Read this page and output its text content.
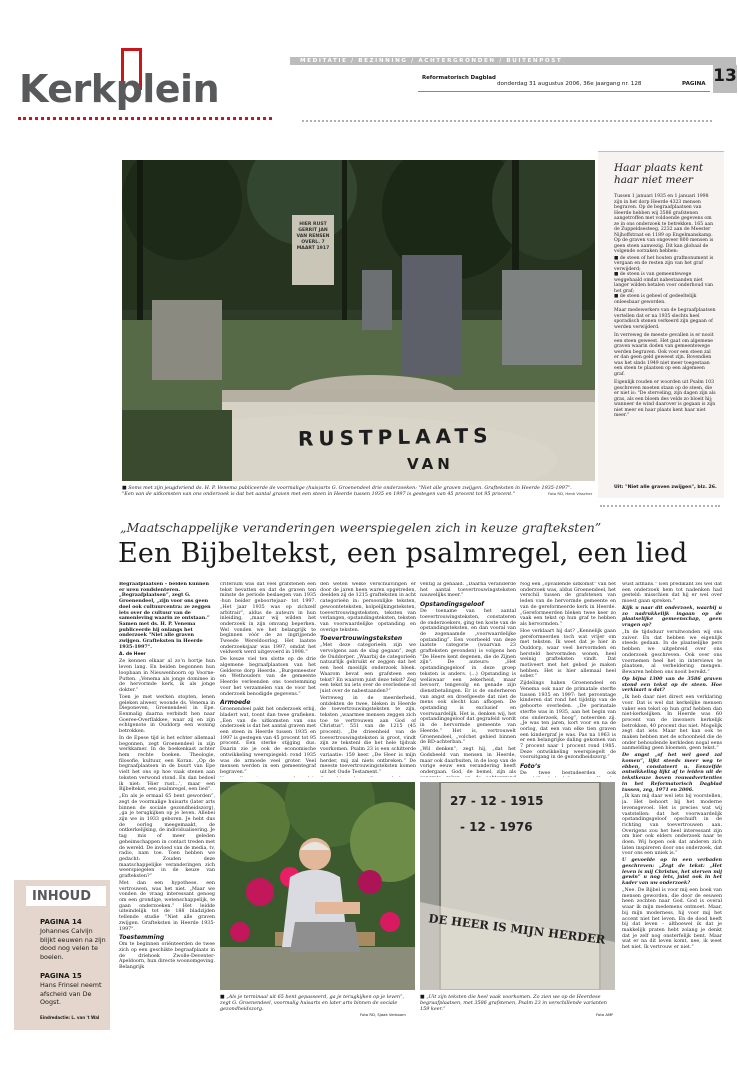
MEDITATIE / BEZINNING / ACHTERGRONDEN / BUITENPOST
Kerkplein	Reformatorisch Dagblad
donderdag 31 augustus 2006, 36e jaargang nr. 128	PAGINA 13
RUSTPLAATS
VAN
HIER RUST GERRIT JAN VAN RENSEN OVERL. 7 MAART 1917
■ Soms met zijn jeugdvriend ds. H. P. Venema publiceerde de voormalige (huis)arts G. Groenendeel drie onderzoeken: "Niet alle graven zwijgen. Grafteksten in Heerde 1935-1997". "Een van de uitkomsten van ons onderzoek is dat het aantal graven met een steen in Heerde tussen 1935 en 1997 is gestegen van 45 procent tot 95 procent."	Foto RD, Henk Visscher
Haar plaats kent haar niet meer
Tussen 1 januari 1935 en 1 januari 1998 zijn in het dorp Heerde 4323 mensen begraven. Op de begraafplaatsen van Heerde hebben wij 3586 grafstenen aangetroffen met voldoende gegevens om ze in ons onderzoek te betrekken. 165 aan de Zuppeldsesteeg, 2232 aan de Meester Nijhoffstraat en 1189 op Engelmanskamp. Op de graven van ongeveer 800 mensen is geen steen aanwezig. Dit kan globaal de volgende oorzaken hebben:
■ de steen of het houten grafmonument is vergaan en de resten zijn van het graf verwijderd;
■ de steen is van gemeentewege weggehaald omdat nabestaanden niet langer wilden betalen voor onderhoud van het graf;
■ de steen is geheel of gedeeltelijk onleesbaar geworden.
Maar medewerkers van de begraafplaatsen vertellen dat er na 1935 slechts heel sporadisch stenen verkeerd zijn gegaan of werden verwijderd.
In verreweg de meeste gevallen is er nooit een steen geweest. Het gaat om algemene graven waarin doden van gemeentewege werden begraven. Ook voor een steen zal er dan geen geld geweest zijn. Bovendien was het sinds 1949 niet meer toegestaan een steen te plaatsen op een algemeen graf.
Eigenlijk rouden er woorden uit Psalm 103 geschreven moeten staan op de steen, die er niet is: "De sterveling, zijn dagen zijn als gras, als een bloem des velds zo bloeit hij; wanneer de wind daarover is gegaan is zijn niet meer en haar plaats kent haar niet meer."
Uit: "Niet alle graven zwijgen", blz. 26.
„Maatschappelijke veranderingen weerspiegelen zich in keuze grafteksten”
Een Bijbeltekst, een psalmregel, een lied
Begraafplaatsen – beiden kunnen er uren rondslenteren. „Begraafplaatsen”, zegt G. Groenendeel, „zijn voor ons geen doel ook cultuurcentra: ze zeggen iets over de cultuur van de samenleving waarin ze ontstaan.” Samen met ds. H. P. Venema publiceerde hij onlangs het onderzoek "Niet alle graven zwijgen. Grafteksten in Heerde 1935-1997".
A. de Heer
Ze kennen elkaar al zo’n bortje hun leven lang. En beiden begonnen hun loopbaan in Nieuwenhoorn op Voorne-Putten. „Venema als jonge dominee in de hervormde kerk, ik als jonge dokter.”
Toen je met werken stopten, lenen geleken alweer, woonde ds. Venema in Dieponeven, Groenendeel in Epe. Eenmalig daarna verbindt hen naar Goeree-Overflakkee, waar zij en zijn echtgenote in Ouddorp een woning betrokken.
In de Epese tijd is het echter allemaal begonnen, zegt Groenendeel in zijn werkkamer. In de boekenkast achter hem rechte boeken. Theologie, filosofie, kultuur, een Koran. „Op de begraafplaatsen in de buurt van Epe vielt het ons op hoe vaak stenen aan teksten verwond stond. En dan bedoel ik niet: ‘Hier rust...’, maar een Bijbeltekst, een psalmregel, een lied”.
„En als je ermaal 65 bent geworden”, zegt de voormalige huisarts (later arts binnen de sociale gezondheidszorg), „ga je terugkijken op je leven. Allebei zijn we in 1933 geboren. Je hebt dus de oorlog meegemaakt, de ontkerkelijking, de individualisering. Je tag mis of meer geleden geheimschappen in contact treden met de wereld. De invloed van de media, tv, radio, nam toe. Toen hebben we gedacht: Zouden deze maatschappelijke veranderingen zich weerspiegelen in de keuze van grafteksten?”
Met dan een hypothese, een vertrouwen, was het niet. „Maar we vonden de vraag interessant genoeg om een grondige, wetenschappelijk, te gaan onderzoeken.” Het leidde uiteindelijk tot de 188 bladzijden tellende studie "Niet alle graven zwijgen. Grafteksten in Heerde 1935-1997".
Toestemming
Om te beginnen oriënteerden de twee zich op een geschikte begraafplaats in de driehoek Zwolle-Deventer-Apeldoorn, hun directe woonomgeving. Belangrijk
criterium was dat veel grafstenen een tekst bevatten en dat de graven ten minste de periode beslaegen van 1935 -hun beider geboortejaar- tot 1997. „Het jaar 1935 was op zichzelf arbitrair”, aldus de auteurs in hun inleiding, „maar wij wilden het onderzoek in zijn omvang beperken. Wel vonden we het belangrijk te beginnen vóór de zo ingrijpende Tweede Wereldoorlog. Het laatste onderzoeksjaar was 1997, omdat het veldwerk werd uitgevoerd in 1998.”
De keuze viel ten slotte op de drie algemene begraafplaatsen van het Gelderse dorp Heerde. „Burgemeester en Wethouders van de gemeente Heerde verleenden ons toestemming voor het verzamelen van de voor het onderzoek benodigde gegevens.”
Armoede
Groenendeel pakt het onderzoek erbij, bladert wat, toont dan twee grafieken. „Een van de uitkomsten van ons onderzoek is dat het aantal graven met een steen in Heerde tussen 1935 en 1997 is gestegen van 45 procent tot 95 procent. Een sterke stijging dus. Daarin zie je ook de economische ontwikkeling weerspiegeld: rond 1935 was de armoede veel groter. Veel mensen werden in een gemeentegraf begraven.”
den weten welke verschuivingen er door de jaren heen waren opgetreden, deelden zij de 1215 grafteksten in acht categorieën in: persoonlijke teksten, gewoonteteksten, kolpelijkingsteksten, toevertrouwingsteksten, teksten van verlangen, opstandingsteksten, teksten van voorwaardelijke opstanding en overige teksten.
Toevertrouwingsteksten
„Met deze categorieën zijn we vervolgens aan de slag gegaan”, zegt de Ouddorper. „Waarbij de categorieën natuurlijk gebruikt er zeggen dat het een heel moeilijk onderzoek bleek. Waarom bevat een grafsteen een tekst? En waarom juist deze tekst? Zeg een tekst nu iets over de overledene of juist over de nabestaanden?”
Verreweg in de meerderheid, ontdekten de twee, bleken in Heerde de toevertrouwingsteksten te zijn, teksten „waarmee mensen zeggen zich toe te vertrouwen aan God of Christus”. 551 van de 1215 (45 procent). „De drieenheid van de toevertrouwingsteksten is groot, vindt zijn ze tekstenl die het hele tijdvak voorkomen. Psalm 23 is een schitterde variaatie: 159 keer. „De Heer is mijn herder, mij zal niets ontbreken.” De meeste toevertrouwingsteksten komen uit het Oude Testament.”
ventig al gehaald. „Daarna veranderde het aantal toevertrouwingsteksten nauwelijks meer.”
Opstandingsgeloof
De toename van het aantal toevertrouwingsteksten, constateren de onderzoekers, ging ten koste van de opstandingsteksten, en dan vooral van de zogenaamde „voorwaardelijke opstanding”. Een voorbeeld van deze laatste categorie (waarvan 23 grafteksten gevonden) is volgens hen "De Heere kent degenen, die de Zijnen zijn". De auteurs: „Het opstandingsgeloof in deze groep teksten is anders. (...) Opstanding is weliswaar een zekerheid, maar bevoorr, tengevolg en genade zijn dienstbetalingen. Er is de onderheren van angst en droefgeeste dat niet de mens ook slecht kan afhopen. De opstanding is exclusief en voorwaardelijk. Het is, denken wij, het opstandingsgeloof dat gegrafeld wordt in de hervormde gemeente van Heerde.” Het is, vertrouwelt Groenendeel, „volchet gebied binnen de BD-achterban.”
„Wil denken”, zegt hij, „dat het Godsbeeld van mensen in Heerde, maar ook daarbuiten, in de loop van de vorige eeuw een verandering heeft ondergaan. God, de bemel, zijn als
Nog een „opvallende uitkomst” van het onderzoek was, aldus Groenendeel, het verschil tussen de grafstenen van leden van de hervormde gemeente en van de gereformeerde kerk in Heerde. „Gereformeerden bleken twee keer zo vaak een tekst op hun graf te hebben als hervormden.”
Hoe verklaart hij dat? „Kennelijk gaan gereformeerden toch wat vrijer om met teksten. Ik weet dat je hier in Ouddorp, waar veel hervormden en hersteld hervormden wonen, heel weinig grafteksten vindt. Dat motiveert met het gebod je maken hebben. Het is hier allemaal heel sober.”
Zijdelings haken Groenendeel en Venema ook naar de primatale sterfte tussen 1935 en 1997: het percentage kinderen dat rond het tijdstip van de geboorte overleden. „De perinatale sterfte was in 1935, aan het begin van ons onderzoek, hoog”, noteerden zij. „Je was ten jaren, kort voor en na de oorlog, dat een van elke tien graven een kindergraf je was. Pas na 1963 is er een belangrijke daling gekomen van 7 procent naar 1 procent rond 1985. Deze ontwikkeling weerspiegelt de vooruitgang in de gezondheidszorg.”
Foto’s
De twee bestudeerden ook
wust althans.” Een predikant zei wel dat een onderzoek hem tot nadenken had gesteld: misschien dat hij er wel over moest gaan spreken.”
Kijk u naar dit onderzoek, waarbij u zo nadrukkelijk ingaan op de plaatselijke gemeenschap, geen vragen op?
„In de tijdsduur veruitwonden wij ons zuiver. En dat hebben we eigenlijk steeds gedaan. In de plaatselijke pers hebben we uitgebreid over ons onderzoek geschreven. Ook over ons voornemen heel het in interviews te plaatsen, al verheldering mengen. Bewaren hebben ons nooit bereikt.”
Op bijna 1300 van de 3586 graven stond een tekst op de steen. Hoe verklaart u dat?
„Ik heb daar niet direct een verklaring voor. Dat is wel dat kerkelijke mensen vaker een tekst op hun graf hebben dan niet-kerkelijken. In Heerde was 60 procent van de inwoners kerkelijk betrokken, 40 procent dus niet. Mogelijk zegt dat iets. Maar het kan ook te maken hebben met de schoonheid die de onder behoudende kerkleden nogal eens aanmelding geen bloemen, geen tekst.”
De angst „of het wel goed zal komen”, lijkt steeds meer weg te ebben, constateert u. Eenzelfde ontwikkeling lijkt af te leiden uit de tekstkeuze boven rouwadvertenties in het Reformatorisch Dagblad tussen, zeg, 1971 en 2006.
„Ik kan mij daar wel iets bij voorstellen, ja. Het behoort bij het moderne levensgevoel. Het is precies wat wij vaststellen: dat het voorwaardelijk opstandingsgeloof opschuift in de richting van toevertrouwen aan. Overigens zou het heel interessant zijn om hier ook elders onderzoek naar te doen. Wij hopen ook dat anderen zich laten inspireren door ons onderzoek, dat voor ons een uniek is.”
U gevoelde op in een verbaden geschreven: „Zegt de tekst: „Het leven is mij Christus, het sterven mij gewin” u nog iets, juist ook in het kader van uw onderzoek?
„Nee. De Bijbel is voor mij een boek van mensen geworden, die door de eeuwen heen zochten naar God. God is overal waar ik mijn medemens ontmoet. Maar, bij mijn moderness, hij voor mij het accent niet het leven. En de dood heeft bij dat leven – althoewel ik dat je makkelijk praten hebt zolang je denkt dat je zelf nog onsterfelijk bent. Maar wat er na dit leven komt, nee, ik weet het niet. Ik vertrouw er niet.”
■ „Als je terminaal uit 65 bent gepasseerd, ga je terugkijken op je leven”, zegt G. Groenendeel, voormalig huisarts en later arts binnen de sociale gezondheidszorg.
Foto RD, Sjaak Verboom
27 - 12 - 1915
- 12 - 1976
DE HEER IS MIJN HERDER
■ „Uit zijn teksten die heel vaak voorkomen. Zo zien we op de Heerdese begraafplaatsen, met 3586 grafstenen, Psalm 23 in verschillende varianten 159 keer.”
Foto AMF
INHOUD
PAGINA 14
Johannes Calvijn blijkt eeuwen na zijn dood nog velen te boeien.
PAGINA 15
Hans Frinsel neemt afscheid van De Oogst.
Eindredactie: L. van 't Wal
